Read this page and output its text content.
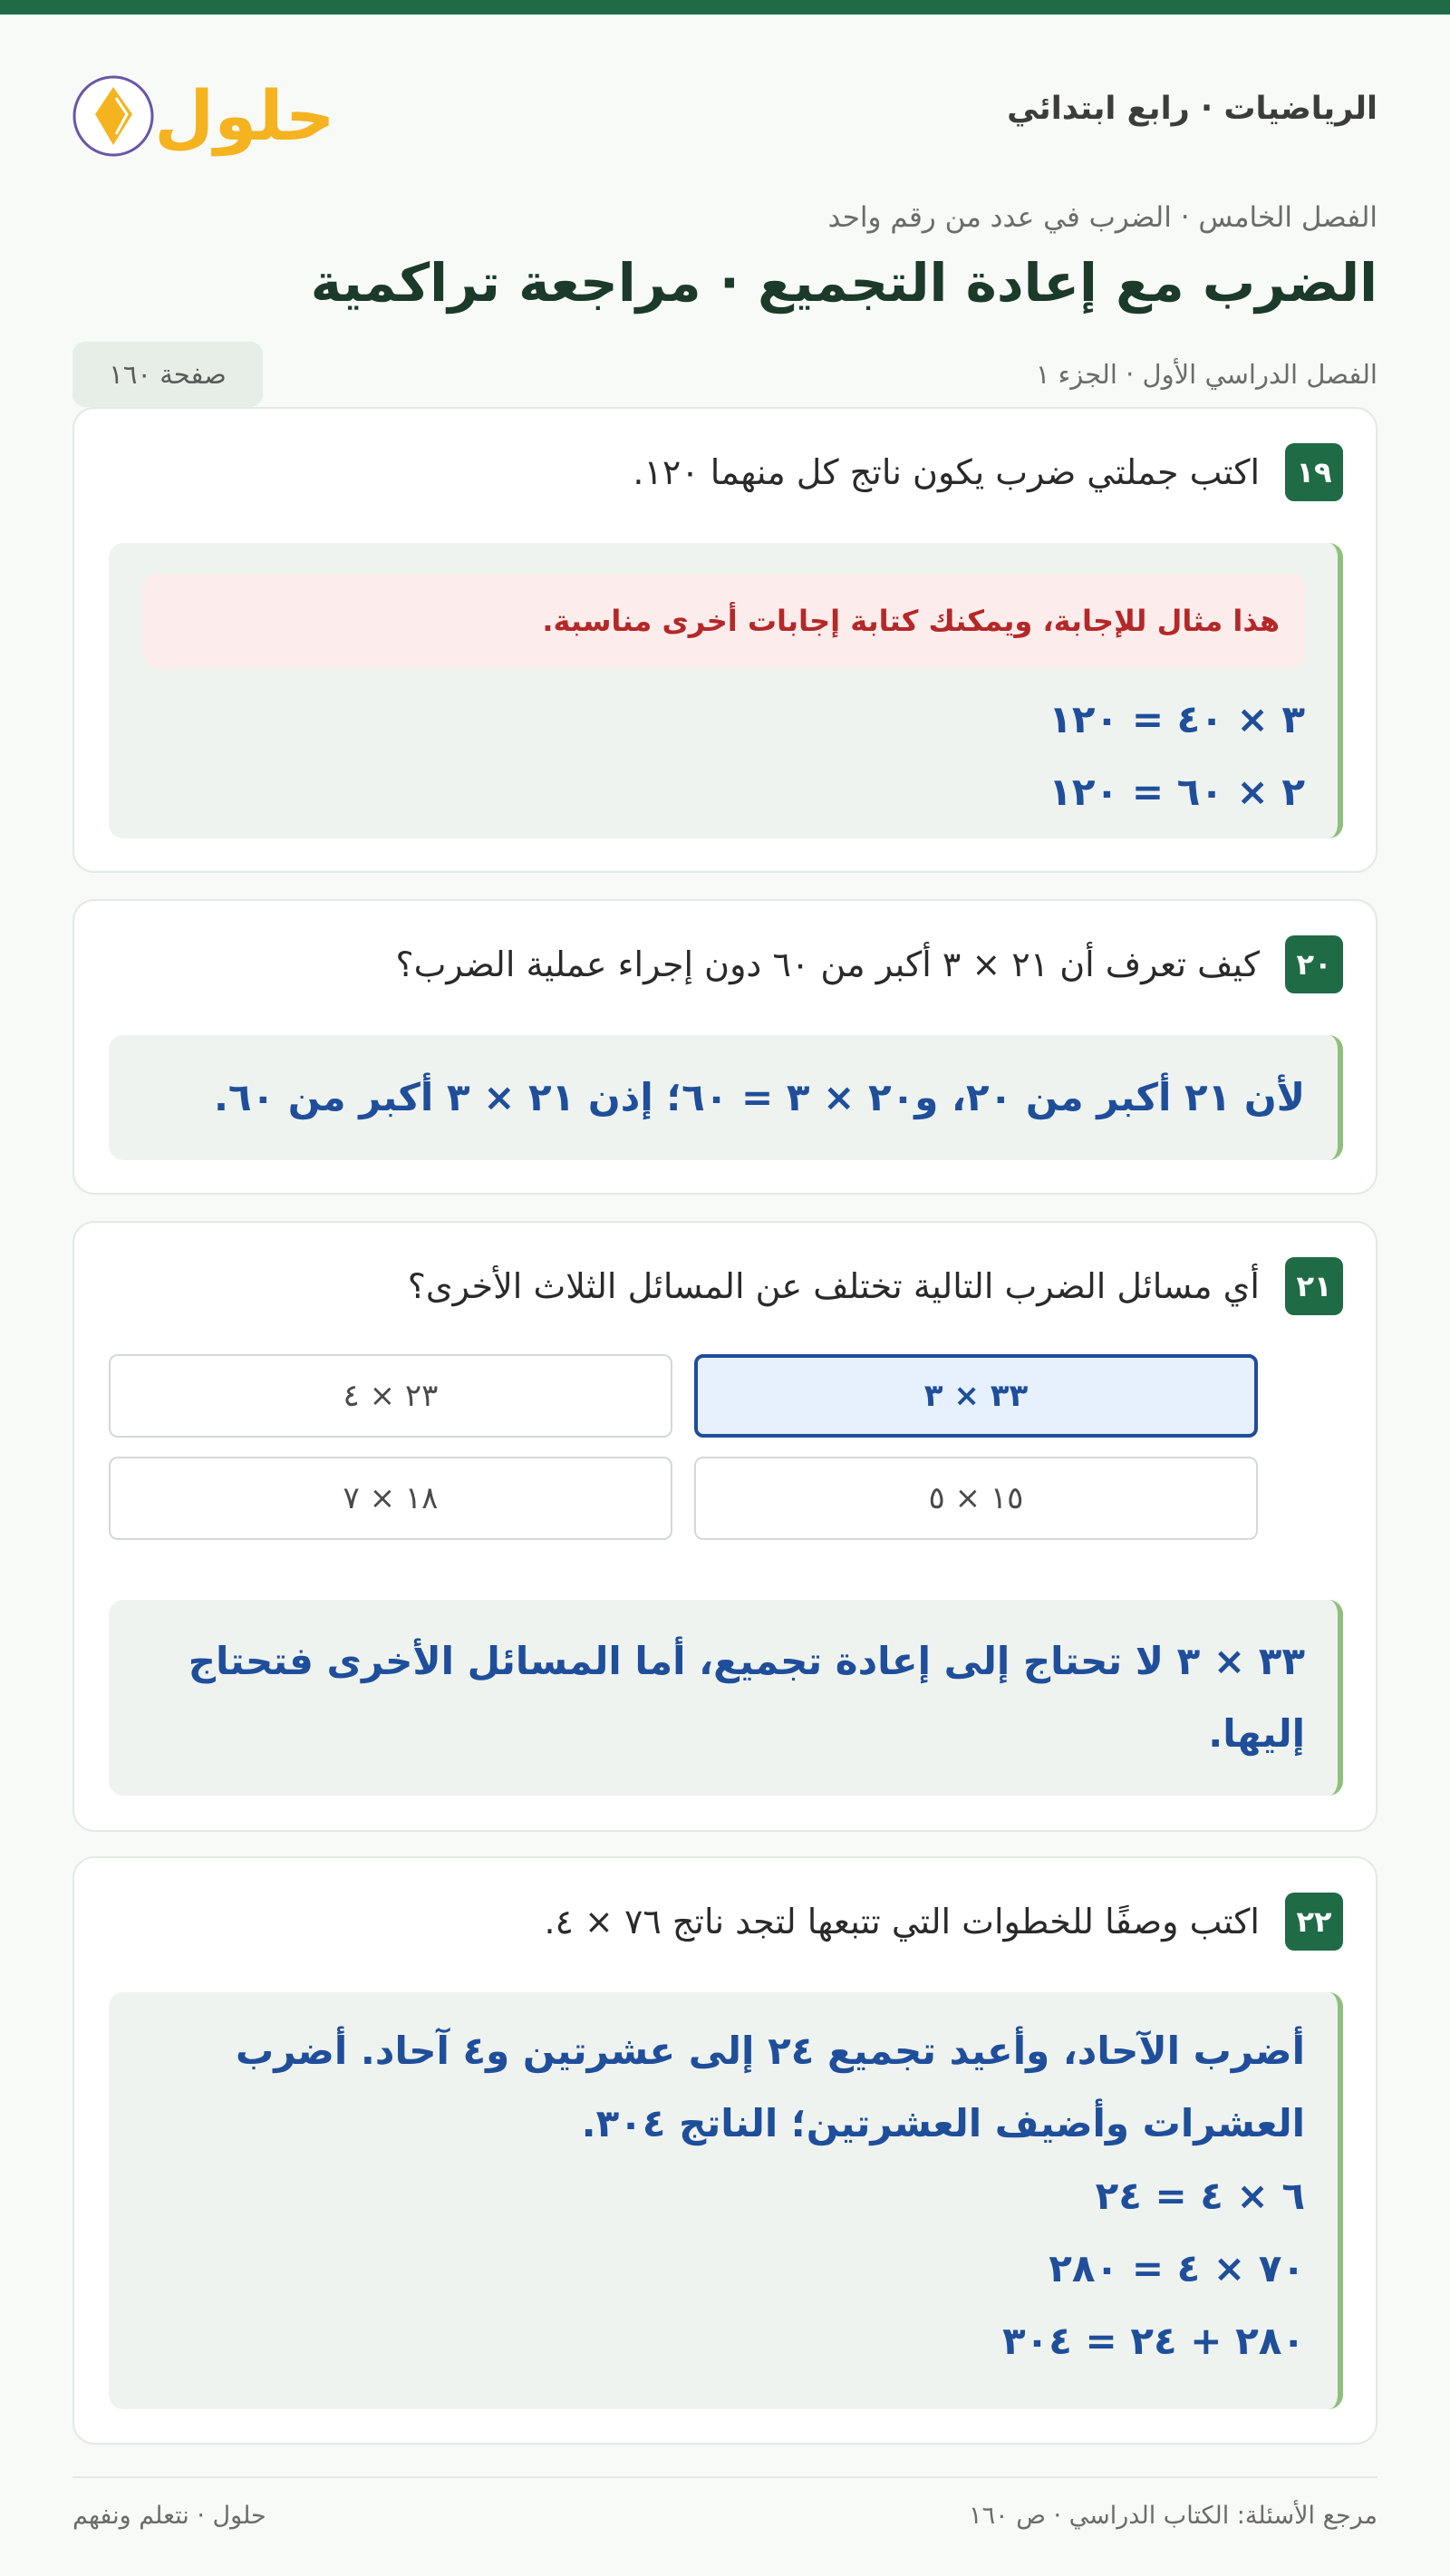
الرياضيات · رابع ابتدائي
حلول
الفصل الخامس · الضرب في عدد من رقم واحد
الضرب مع إعادة التجميع · مراجعة تراكمية
الفصل الدراسي الأول · الجزء ١
صفحة ١٦٠
١٩
اكتب جملتي ضرب يكون ناتج كل منهما ١٢٠.
هذا مثال للإجابة، ويمكنك كتابة إجابات أخرى مناسبة.
٣ × ٤٠ = ١٢٠
٢ × ٦٠ = ١٢٠
٢٠
كيف تعرف أن ٢١ × ٣ أكبر من ٦٠ دون إجراء عملية الضرب؟
لأن ٢١ أكبر من ٢٠، و٢٠ × ٣ = ٦٠؛ إذن ٢١ × ٣ أكبر من ٦٠.
٢١
أي مسائل الضرب التالية تختلف عن المسائل الثلاث الأخرى؟
٣٣ × ٣
٢٣ × ٤
١٥ × ٥
١٨ × ٧
٣٣ × ٣ لا تحتاج إلى إعادة تجميع، أما المسائل الأخرى فتحتاج
إليها.
٢٢
اكتب وصفًا للخطوات التي تتبعها لتجد ناتج ٧٦ × ٤.
أضرب الآحاد، وأعيد تجميع ٢٤ إلى عشرتين و٤ آحاد. أضرب
العشرات وأضيف العشرتين؛ الناتج ٣٠٤.
٦ × ٤ = ٢٤
٧٠ × ٤ = ٢٨٠
٢٨٠ + ٢٤ = ٣٠٤
مرجع الأسئلة: الكتاب الدراسي · ص ١٦٠
حلول · نتعلم ونفهم
